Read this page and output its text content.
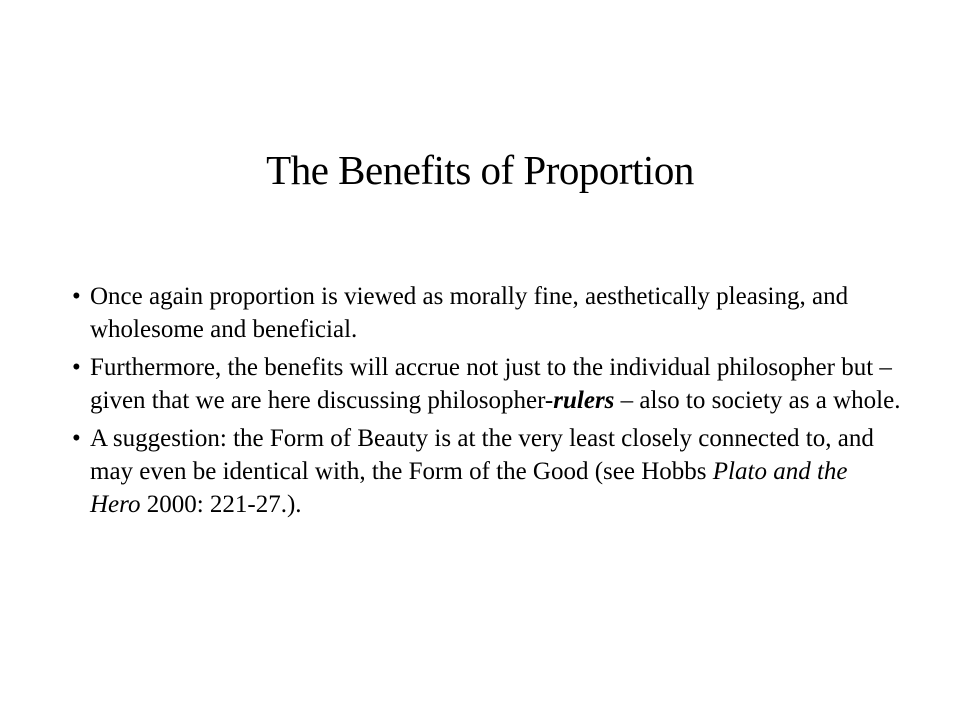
The Benefits of Proportion
• Once again proportion is viewed as morally fine, aesthetically pleasing, and wholesome and beneficial.
• Furthermore, the benefits will accrue not just to the individual philosopher but – given that we are here discussing philosopher-rulers – also to society as a whole.
• A suggestion: the Form of Beauty is at the very least closely connected to, and may even be identical with, the Form of the Good (see Hobbs Plato and the Hero 2000: 221-27.).
